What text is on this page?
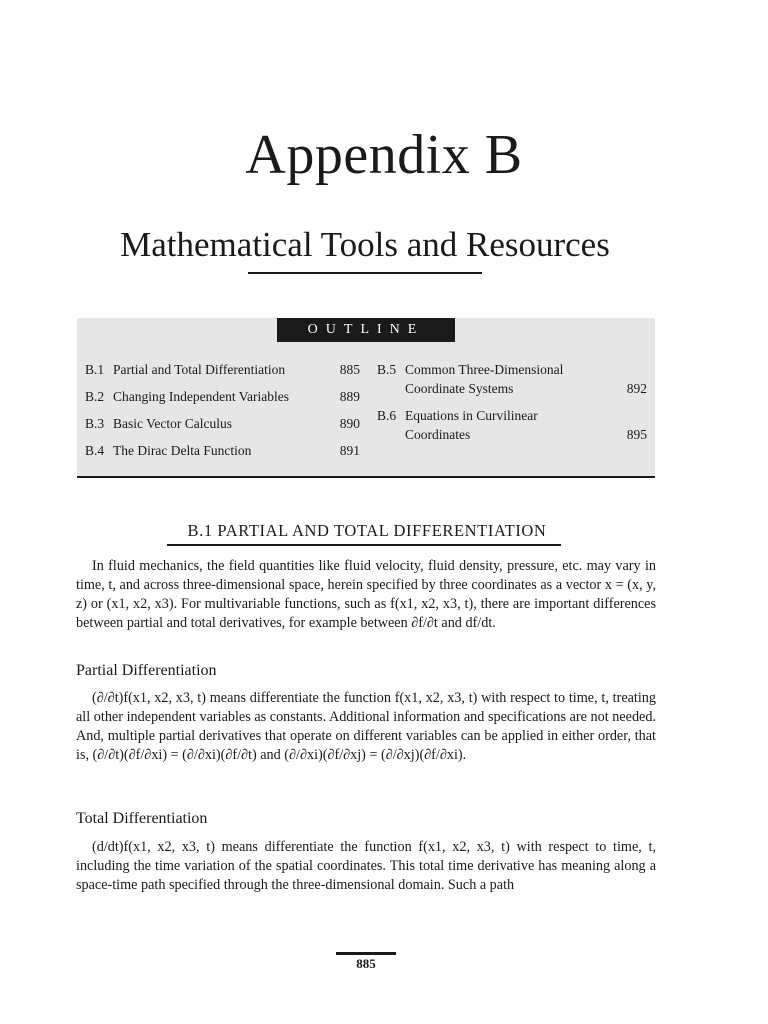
Appendix B
Mathematical Tools and Resources
OUTLINE
B.1 Partial and Total Differentiation	885
B.2 Changing Independent Variables	889
B.3 Basic Vector Calculus	890
B.4 The Dirac Delta Function	891
B.5 Common Three-Dimensional
Coordinate Systems	892
B.6 Equations in Curvilinear
Coordinates	895
B.1 PARTIAL AND TOTAL DIFFERENTIATION
In fluid mechanics, the field quantities like fluid velocity, fluid density, pressure, etc. may vary in time, t, and across three-dimensional space, herein specified by three coordinates as a vector x = (x, y, z) or (x1, x2, x3). For multivariable functions, such as f(x1, x2, x3, t), there are important differences between partial and total derivatives, for example between ∂f/∂t and df/dt.
Partial Differentiation
(∂/∂t)f(x1, x2, x3, t) means differentiate the function f(x1, x2, x3, t) with respect to time, t, treating all other independent variables as constants. Additional information and specifications are not needed. And, multiple partial derivatives that operate on different variables can be applied in either order, that is, (∂/∂t)(∂f/∂xi) = (∂/∂xi)(∂f/∂t) and (∂/∂xi)(∂f/∂xj) = (∂/∂xj)(∂f/∂xi).
Total Differentiation
(d/dt)f(x1, x2, x3, t) means differentiate the function f(x1, x2, x3, t) with respect to time, t, including the time variation of the spatial coordinates. This total time derivative has meaning along a space-time path specified through the three-dimensional domain. Such a path
885
